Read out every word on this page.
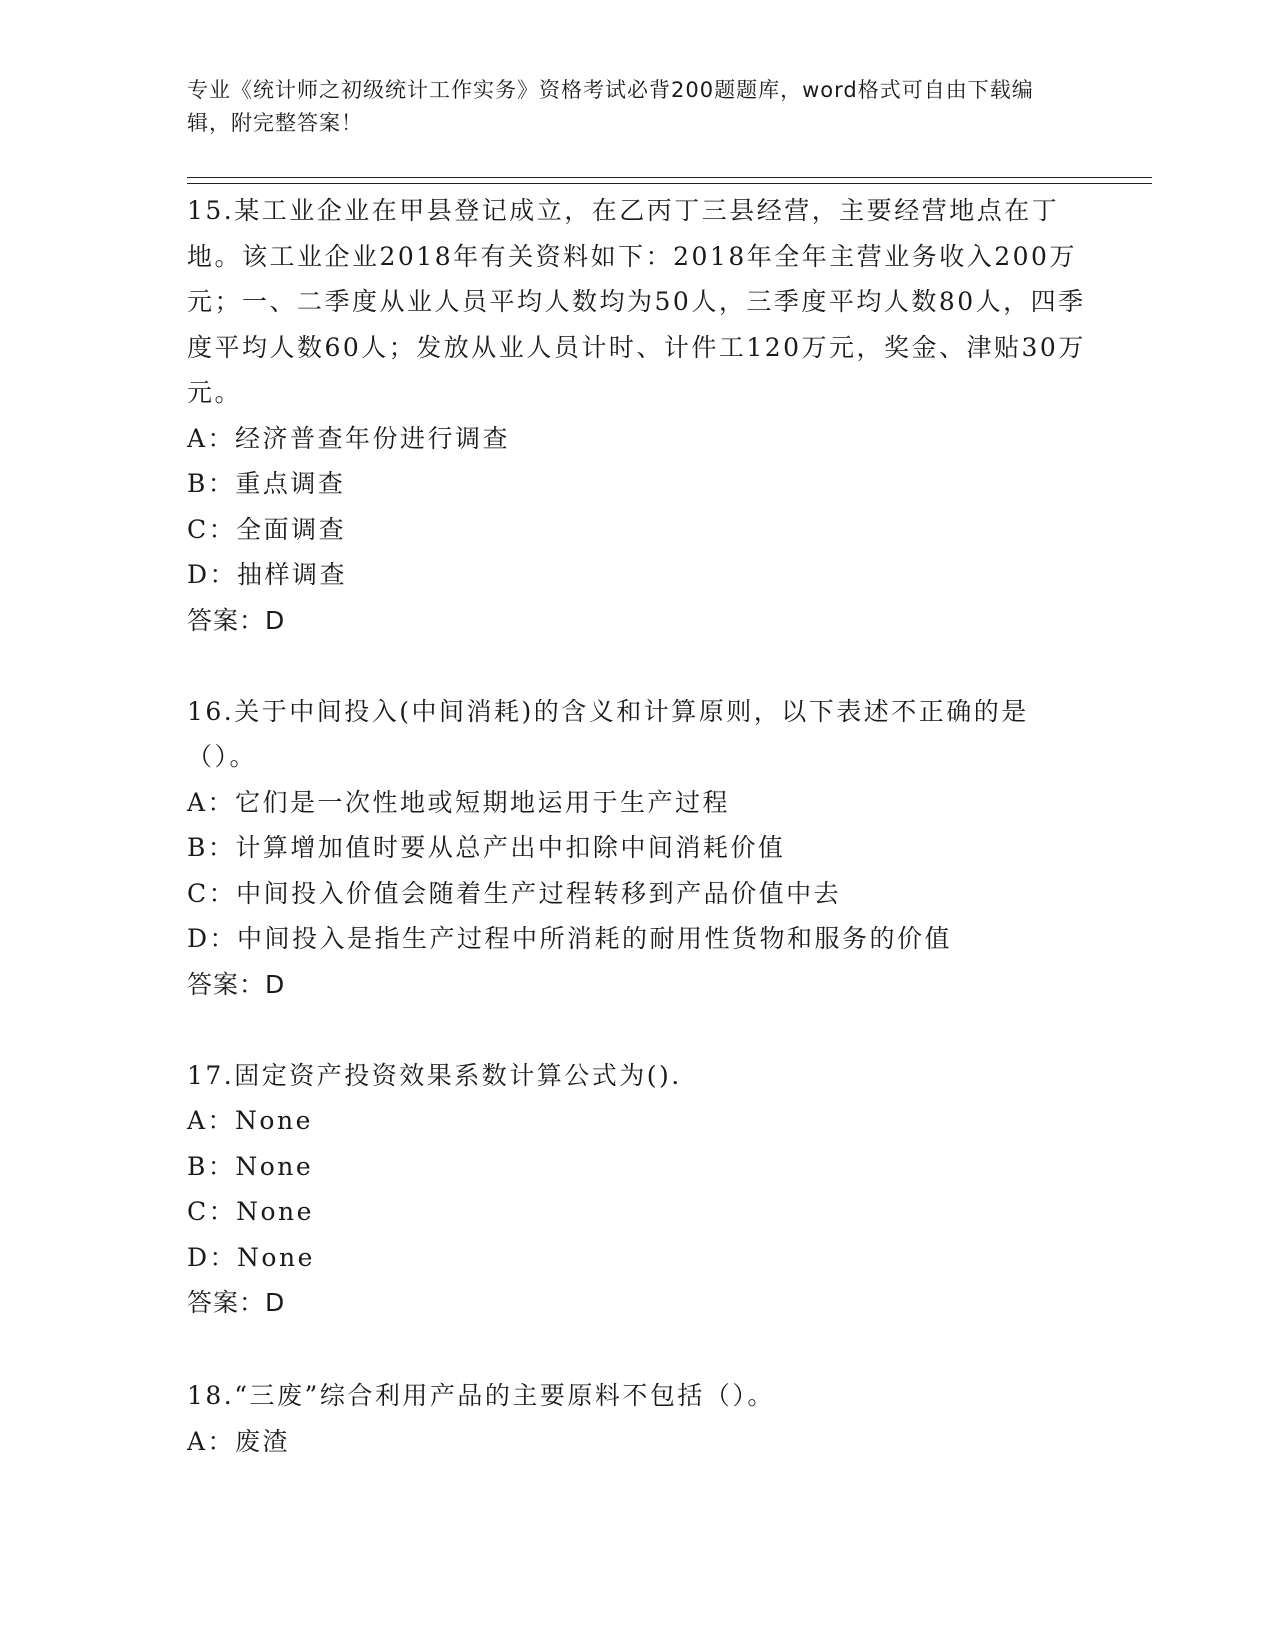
专业《统计师之初级统计工作实务》资格考试必背200题题库，word格式可自由下载编辑，附完整答案！
15.某工业企业在甲县登记成立，在乙丙丁三县经营，主要经营地点在丁地。该工业企业2018年有关资料如下：2018年全年主营业务收入200万元；一、二季度从业人员平均人数均为50人，三季度平均人数80人，四季度平均人数60人；发放从业人员计时、计件工120万元，奖金、津贴30万元。
A：经济普查年份进行调查
B：重点调查
C：全面调查
D：抽样调查
答案：D
16.关于中间投入(中间消耗)的含义和计算原则，以下表述不正确的是（）。
A：它们是一次性地或短期地运用于生产过程
B：计算增加值时要从总产出中扣除中间消耗价值
C：中间投入价值会随着生产过程转移到产品价值中去
D：中间投入是指生产过程中所消耗的耐用性货物和服务的价值
答案：D
17.固定资产投资效果系数计算公式为().
A：None
B：None
C：None
D：None
答案：D
18.“三废”综合利用产品的主要原料不包括（）。
A：废渣
